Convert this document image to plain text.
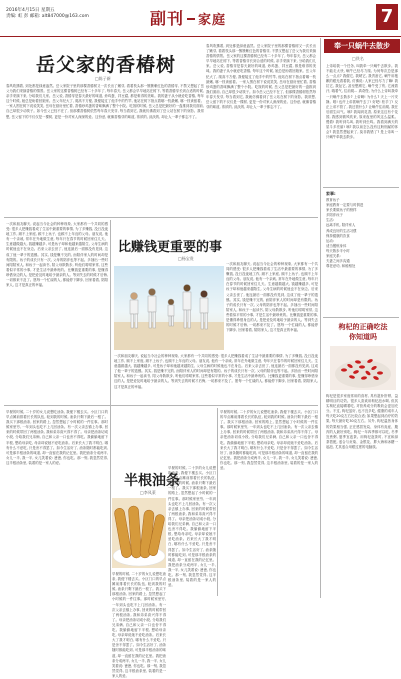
2016年4月15日 星期五
责编: 虹 彭 邮箱: alt847000@163.com	副刊 家庭	7
岳父家的香椿树
□陈子新
春风吹拂着, 到处都是绿意盎然。岳父家院子里的那棵香椿树又一次长出了嫩芽, 看着枝头那一簇簇紫红色的香椿芽, 不禁又想起了岳父为我们采摘香椿的情景。岳父家的这棵香椿树已经有二十多年了, 每年春天, 岳父都会早早地站在树下, 等着香椿芽长到合适的时候, 亲手采摘下来, 分给我们几家。岳父说, 香椿芽是春天最好的味道, 炒鸡蛋、拌豆腐, 都是难得的美味。我的妻子从小就爱吃香椿, 每年这个时候, 她总是盼着回娘家。岳父年纪大了, 爬高不方便, 我便接过了他手中的竹竿, 他站在树下指点着哪一枝最嫩, 哪一枝该留着。一家人围在树下说说笑笑, 岳母在厨房里忙着, 香椿炒鸡蛋的香味飘满了整个小院。吃饭的时候, 岳父总是把最好的一盘推到我们面前, 自己却很少动筷子。如今岳父已经不在了, 但那棵香椿树依然每年春天发芽, 每当看到它, 我就仿佛看到了岳父站在树下的身影。我常想, 岳父留下的不仅仅是一棵树, 更是一份对家人深深的爱。这份爱, 就像香椿芽的味道, 浓浓的, 淡淡的, 却让人一辈子都忘不了。
春风吹拂着, 到处都是绿意盎然。岳父家院子里的那棵香椿树又一次长出了嫩芽, 看着枝头那一簇簇紫红色的香椿芽, 不禁又想起了岳父为我们采摘香椿的情景。岳父家的这棵香椿树已经有二十多年了, 每年春天, 岳父都会早早地站在树下, 等着香椿芽长到合适的时候, 亲手采摘下来, 分给我们几家。岳父说, 香椿芽是春天最好的味道, 炒鸡蛋、拌豆腐, 都是难得的美味。我的妻子从小就爱吃香椿, 每年这个时候, 她总是盼着回娘家。岳父年纪大了, 爬高不方便, 我便接过了他手中的竹竿, 他站在树下指点着哪一枝最嫩, 哪一枝该留着。一家人围在树下说说笑笑, 岳母在厨房里忙着, 香椿炒鸡蛋的香味飘满了整个小院。吃饭的时候, 岳父总是把最好的一盘推到我们面前, 自己却很少动筷子。如今岳父已经不在了, 但那棵香椿树依然每年春天发芽, 每当看到它, 我就仿佛看到了岳父站在树下的身影。我常想, 岳父留下的不仅仅是一棵树, 更是一份对家人深深的爱。这份爱, 就像香椿芽的味道, 浓浓的, 淡淡的, 却让人一辈子都忘不了。
比赚钱更重要的事
□杨宝贵
一次和朋友聊天, 说起当今社会的种种现象, 大家都有一个共同的感受: 很多人把赚钱看成了生活中最重要的事情, 为了多赚钱, 没日没夜地工作, 顾不上家庭, 顾不上孩子, 也顾不上年迈的父母。朋友说, 他有一个亲戚, 常年在外地做生意, 每年只在春节的时候回家住几天。生意越做越大, 钱越赚越多, 可是孩子却和他越来越陌生, 父母生病的时候他也不在身边。后来父亲去世了, 他连最后一面都没有见到, 这成了他一辈子的遗憾。其实, 钱是赚不完的, 而陪伴家人的时间却是有限的。孩子的成长只有一次, 父母的陪伴也等不起。多抽出一些时间陪陪家人, 和孩子一起读书, 陪父母散散步, 听他们唠唠家常, 这些看似平常的小事, 才是生活中最珍贵的。比赚钱更重要的事, 是懂得珍惜身边的人, 是把爱及时地给予最亲的人。等到失去的时候才后悔, 一切都来不及了。愿每一个忙碌的人, 都能停下脚步, 回家看看, 陪陪家人, 这才是真正的幸福。
一次和朋友聊天, 说起当今社会的种种现象, 大家都有一个共同的感受: 很多人把赚钱看成了生活中最重要的事情, 为了多赚钱, 没日没夜地工作, 顾不上家庭, 顾不上孩子, 也顾不上年迈的父母。朋友说, 他有一个亲戚, 常年在外地做生意, 每年只在春节的时候回家住几天。生意越做越大, 钱越赚越多, 可是孩子却和他越来越陌生, 父母生病的时候他也不在身边。后来父亲去世了, 他连最后一面都没有见到, 这成了他一辈子的遗憾。其实, 钱是赚不完的, 而陪伴家人的时间却是有限的。孩子的成长只有一次, 父母的陪伴也等不起。多抽出一些时间陪陪家人, 和孩子一起读书, 陪父母散散步, 听他们唠唠家常, 这些看似平常的小事, 才是生活中最珍贵的。比赚钱更重要的事, 是懂得珍惜身边的人, 是把爱及时地给予最亲的人。等到失去的时候才后悔, 一切都来不及了。愿每一个忙碌的人, 都能停下脚步, 回家看看, 陪陪家人, 这才是真正的幸福。
一次和朋友聊天, 说起当今社会的种种现象, 大家都有一个共同的感受: 很多人把赚钱看成了生活中最重要的事情, 为了多赚钱, 没日没夜地工作, 顾不上家庭, 顾不上孩子, 也顾不上年迈的父母。朋友说, 他有一个亲戚, 常年在外地做生意, 每年只在春节的时候回家住几天。生意越做越大, 钱越赚越多, 可是孩子却和他越来越陌生, 父母生病的时候他也不在身边。后来父亲去世了, 他连最后一面都没有见到, 这成了他一辈子的遗憾。其实, 钱是赚不完的, 而陪伴家人的时间却是有限的。孩子的成长只有一次, 父母的陪伴也等不起。多抽出一些时间陪陪家人, 和孩子一起读书, 陪父母散散步, 听他们唠唠家常, 这些看似平常的小事, 才是生活中最珍贵的。比赚钱更重要的事, 是懂得珍惜身边的人, 是把爱及时地给予最亲的人。等到失去的时候才后悔, 一切都来不及了。愿每一个忙碌的人, 都能停下脚步, 回家看看, 陪陪家人, 这才是真正的幸福。
早餐的时候, 二十岁的女儿说想吃油条, 我便下楼去买。小区门口的早点摊前排着长长的队伍, 轮到我的时候, 油条只剩下最后一根了。我买下那根油条, 回家的路上, 忽然想起了小时候的一件往事。那时候家里穷, 一年到头也吃不上几回油条。有一次父亲去镇上办事, 回来的时候带回了两根油条, 我和弟弟高兴得不得了。母亲把油条切成小段, 分给我们兄弟俩, 自己和父亲一口也舍不得吃。我偷偷地留下半根, 想给母亲吃, 母亲却说她不爱吃油条。后来长大了我才明白, 哪有什么不爱吃, 只是舍不得罢了。如今生活好了, 油条随时都能吃到, 可是那半根油条的味道, 却一直留在我的记忆里。我把油条分成两半, 女儿一半, 我一半, 女儿笑着说: 爸爸, 你也吃。那一刻, 我忽然觉得, 这半根油条里, 装着的是一家人的爱。
半根油条
□李凤莱
早餐的时候, 二十岁的女儿说想吃油条, 我便下楼去买。小区门口的早点摊前排着长长的队伍, 轮到我的时候, 油条只剩下最后一根了。我买下那根油条, 回家的路上, 忽然想起了小时候的一件往事。那时候家里穷, 一年到头也吃不上几回油条。有一次父亲去镇上办事, 回来的时候带回了两根油条, 我和弟弟高兴得不得了。母亲把油条切成小段, 分给我们兄弟俩, 自己和父亲一口也舍不得吃。我偷偷地留下半根, 想给母亲吃, 母亲却说她不爱吃油条。后来长大了我才明白, 哪有什么不爱吃, 只是舍不得罢了。如今生活好了, 油条随时都能吃到, 可是那半根油条的味道, 却一直留在我的记忆里。我把油条分成两半, 女儿一半, 我一半, 女儿笑着说: 爸爸, 你也吃。那一刻, 我忽然觉得, 这半根油条里, 装着的是一家人的爱。
早餐的时候, 二十岁的女儿说想吃油条, 我便下楼去买。小区门口的早点摊前排着长长的队伍, 轮到我的时候, 油条只剩下最后一根了。我买下那根油条, 回家的路上, 忽然想起了小时候的一件往事。那时候家里穷, 一年到头也吃不上几回油条。有一次父亲去镇上办事, 回来的时候带回了两根油条, 我和弟弟高兴得不得了。母亲把油条切成小段, 分给我们兄弟俩, 自己和父亲一口也舍不得吃。我偷偷地留下半根, 想给母亲吃, 母亲却说她不爱吃油条。后来长大了我才明白, 哪有什么不爱吃, 只是舍不得罢了。如今生活好了, 油条随时都能吃到, 可是那半根油条的味道, 却一直留在我的记忆里。我把油条分成两半, 女儿一半, 我一半, 女儿笑着说: 爸爸, 你也吃。那一刻, 我忽然觉得, 这半根油条里, 装着的是一家人的爱。
早餐的时候, 二十岁的女儿说想吃油条, 我便下楼去买。小区门口的早点摊前排着长长的队伍, 轮到我的时候, 油条只剩下最后一根了。我买下那根油条, 回家的路上, 忽然想起了小时候的一件往事。那时候家里穷, 一年到头也吃不上几回油条。有一次父亲去镇上办事, 回来的时候带回了两根油条, 我和弟弟高兴得不得了。母亲把油条切成小段, 分给我们兄弟俩, 自己和父亲一口也舍不得吃。我偷偷地留下半根, 想给母亲吃, 母亲却说她不爱吃油条。后来长大了我才明白, 哪有什么不爱吃, 只是舍不得罢了。如今生活好了, 油条随时都能吃到, 可是那半根油条的味道, 却一直留在我的记忆里。我把油条分成两半, 女儿一半, 我一半, 女儿笑着说: 爸爸, 你也吃。那一刻, 我忽然觉得, 这半根油条里, 装着的是一家人的爱。
奉一只蜗牛去散步
□佚名
上帝给我一个任务, 叫我牵一只蜗牛去散步。我不能走太快, 蜗牛已经尽力爬, 为何每次总是那么一点点? 我催它, 我唬它, 我责备它, 蜗牛用抱歉的眼光看着我, 仿佛说: 人家已经尽力了嘛! 我拉它, 我扯它, 甚至想踢它, 蜗牛受了伤, 它流着汗, 喘着气, 往前爬... 真奇怪, 为什么上帝叫我牵一只蜗牛去散步? 上帝啊! 为什么? 天上一片安静。唉! 也许上帝抓蜗牛去了! 好吧! 松手了! 反正上帝不管了, 我还管什么? 让蜗牛往前爬, 我在后面生闷气。咦? 我闻到花香, 原来这边有个花园, 我感到微风吹来, 原来夜里的风这么温柔。慢着! 我听到鸟叫, 我听到虫鸣。我看到满天的星斗多亮丽! 咦? 我以前怎么没有这般细腻的体会? 我忽然想起来了, 莫非我错了? 是上帝叫一只蜗牛牵我去散步。
家事:
教育孩子
家庭教育一定要与时俱进
家长要做孩子的榜样
多陪伴孩子
生活:
远离手机, 陪伴家人
养成良好的生活习惯
保持健康的饮食
运动:
适当锻炼身体
每天散步半小时
家庭关系:
夫妻之间多沟通
尊老爱幼, 和睦相处
枸杞的正确吃法
你知道吗
枸杞是很多家庭常用的食材, 具有滋补肝肾、益精明目的功效。很多人喜欢用枸杞泡水喝, 但其实枸杞直接嚼着吃, 对营养成分的吸收会更加充分。不过, 枸杞虽好, 也不宜多吃, 健康的成年人每天吃20克左右比较合适; 如果想起到治疗的效果, 每天最好吃30克左右。另外, 枸杞温热身体的效果相当强, 正在感冒发烧、身体有炎症、腹泻的人最好别吃。枸杞一年四季都可以吃, 冬季宜煮粥, 夏季宜泡茶。用枸杞泡茶时, 不宜和绿茶搭配, 适合与贡菊、金银花、胖大海和冰糖一起泡, 尤其适合用眼过度的电脑族。
